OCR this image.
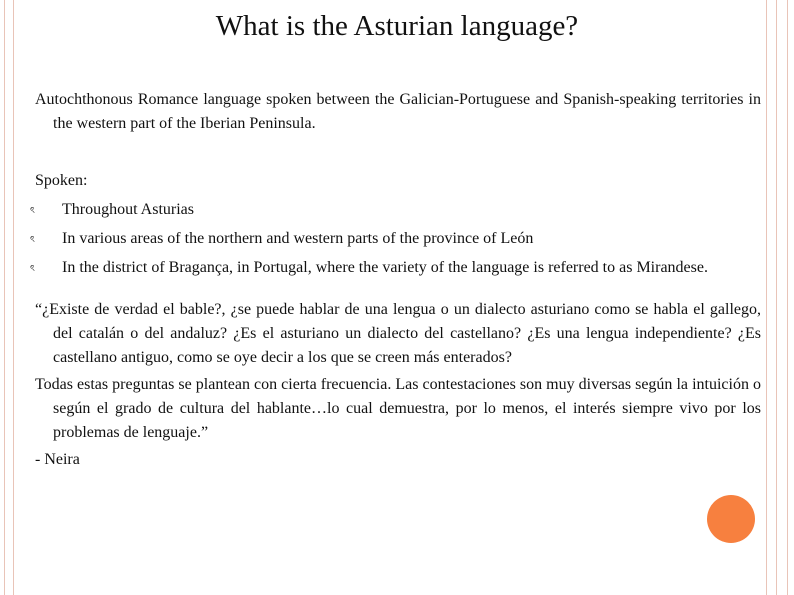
What is the Asturian language?

Autochthonous Romance language spoken between the Galician-Portuguese and Spanish-speaking territories in the western part of the Iberian Peninsula.

Spoken:

ৎ Throughout Asturias
ৎ In various areas of the northern and western parts of the province of León
ৎ In the district of Bragança, in Portugal, where the variety of the language is referred to as Mirandese.

“¿Existe de verdad el bable?, ¿se puede hablar de una lengua o un dialecto asturiano como se habla el gallego, del catalán o del andaluz? ¿Es el asturiano un dialecto del castellano? ¿Es una lengua independiente? ¿Es castellano antiguo, como se oye decir a los que se creen más enterados?

Todas estas preguntas se plantean con cierta frecuencia. Las contestaciones son muy diversas según la intuición o según el grado de cultura del hablante…lo cual demuestra, por lo menos, el interés siempre vivo por los problemas de lenguaje.”

- Neira
